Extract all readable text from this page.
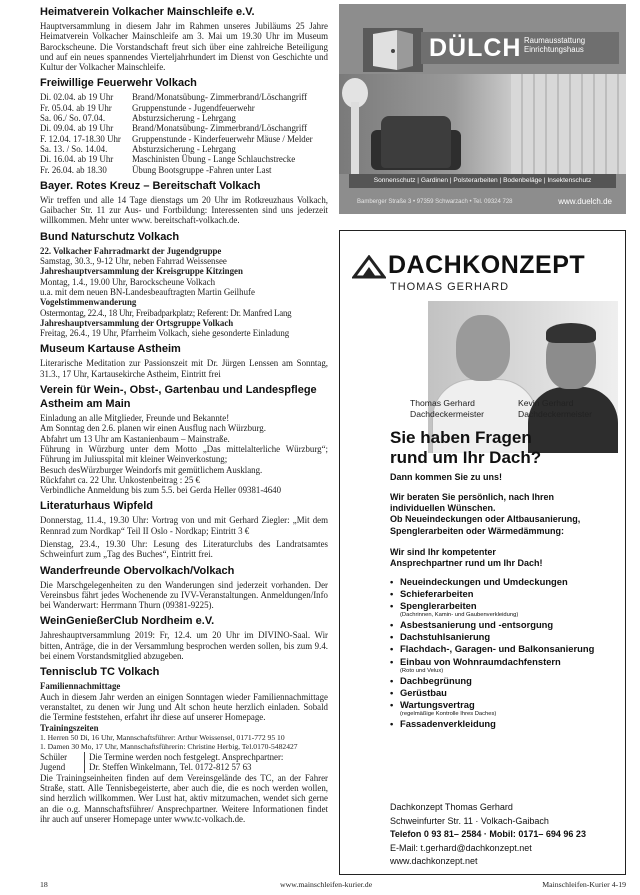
Heimatverein Volkacher Mainschleife e.V.

Hauptversammlung in diesem Jahr im Rahmen unseres Jubiläums 25 Jahre Heimatverein Volkacher Mainschleife am 3. Mai um 19.30 Uhr im Museum Barockscheune. Die Vorstandschaft freut sich über eine zahlreiche Beteiligung und auf ein neues spannendes Vierteljahrhundert im Dienst von Geschichte und Kultur der Volkacher Mainschleife.

Freiwillige Feuerwehr Volkach
Di. 02.04. ab 19 Uhr	Brand/Monatsübung- Zimmerbrand/Löschangriff
Fr. 05.04. ab 19 Uhr	Gruppenstunde - Jugendfeuerwehr
Sa. 06./ So. 07.04.	Absturzsicherung - Lehrgang
Di. 09.04. ab 19 Uhr	Brand/Monatsübung- Zimmerbrand/Löschangriff
F. 12.04. 17-18.30 Uhr	Gruppenstunde - Kinderfeuerwehr Mäuse / Melder
Sa. 13. / So. 14.04.	Absturzsicherung - Lehrgang
Di. 16.04. ab 19 Uhr	Maschinisten Übung - Lange Schlauchstrecke
Fr. 26.04. ab 18.30	Übung Bootsgruppe -Fahren unter Last
Bayer. Rotes Kreuz – Bereitschaft Volkach

Wir treffen und alle 14 Tage dienstags um 20 Uhr im Rotkreuzhaus Volkach, Gaibacher Str. 11 zur Aus- und Fortbildung: Interessenten sind uns jederzeit willkommen. Mehr unter www. bereitschaft-volkach.de.

Bund Naturschutz Volkach
22. Volkacher Fahrradmarkt der Jugendgruppe
Samstag, 30.3., 9-12 Uhr, neben Fahrrad Weissensee
Jahreshauptversammlung der Kreisgruppe Kitzingen
Montag, 1.4., 19.00 Uhr, Barockscheune Volkach
u.a. mit dem neuen BN-Landesbeauftragten Martin Geilhufe
Vogelstimmenwanderung
Ostermontag, 22.4., 18 Uhr, Freibadparkplatz; Referent: Dr. Manfred Lang
Jahreshauptversammlung der Ortsgruppe Volkach
Freitag, 26.4., 19 Uhr, Pfarrheim Volkach, siehe gesonderte Einladung
Museum Kartause Astheim

Literarische Meditation zur Passionszeit mit Dr. Jürgen Lenssen am Sonntag, 31.3., 17 Uhr, Kartausekirche Astheim, Eintritt frei

Verein für Wein-, Obst-, Gartenbau und Landespflege Astheim am Main
Einladung an alle Mitglieder, Freunde und Bekannte!
Am Sonntag den 2.6. planen wir einen Ausflug nach Würzburg.
Abfahrt um 13 Uhr am Kastanienbaum – Mainstraße.

Führung in Würzburg unter dem Motto „Das mittelalterliche Würzburg“; Führung im Juliusspital mit kleiner Weinverkostung;

Besuch desWürzburger Weindorfs mit gemütlichem Ausklang.
Rückfahrt ca. 22 Uhr. Unkostenbeitrag : 25 €
Verbindliche Anmeldung bis zum 5.5. bei Gerda Heller 09381-4640
Literaturhaus Wipfeld

Donnerstag, 11.4., 19.30 Uhr: Vortrag von und mit Gerhard Ziegler: „Mit dem Rennrad zum Nordkap“ Teil II Oslo - Nordkap; Eintritt 3 €

Dienstag, 23.4., 19.30 Uhr: Lesung des Literaturclubs des Landratsamtes Schweinfurt zum „Tag des Buches“, Eintritt frei.

Wanderfreunde Obervolkach/Volkach

Die Marschgelegenheiten zu den Wanderungen sind jederzeit vorhanden. Der Vereinsbus fährt jedes Wochenende zu IVV-Veranstaltungen. Anmeldungen/Info bei Wanderwart: Herrmann Thurn (09381-9225).

WeinGenießerClub Nordheim e.V.

Jahreshauptversammlung 2019: Fr, 12.4. um 20 Uhr im DIVINO-Saal. Wir bitten, Anträge, die in der Versammlung besprochen werden sollen, bis zum 9.4. bei einem Vorstandsmitglied abzugeben.

Tennisclub TC Volkach
Familiennachmittage

Auch in diesem Jahr werden an einigen Sonntagen wieder Familiennachmittage veranstaltet, zu denen wir Jung und Alt schon heute herzlich einladen. Sobald die Termine feststehen, erfahrt ihr diese auf unserer Homepage.

Trainingszeiten
1. Herren 50 Di, 16 Uhr, Mannschaftsführer: Arthur Weissensel, 0171-772 95 10
1. Damen 30 Mo, 17 Uhr, Mannschaftsführerin: Christine Herbig, Tel.0170-5482427
Schüler
Jugend
Die Termine werden noch festgelegt. Ansprechpartner:
Dr. Steffen Winkelmann, Tel. 0172-812 57 63

Die Trainingseinheiten finden auf dem Vereinsgelände des TC, an der Fahrer Straße, statt. Alle Tennisbegeisterte, aber auch die, die es noch werden wollen, sind herzlich willkommen. Wer Lust hat, aktiv mitzumachen, wendet sich gerne an die o.g. Mannschaftsführer/ Ansprechpartner. Weitere Informationen findet ihr auch auf unserer Homepage unter www.tc-volkach.de.

DÜLCH Raumausstattung
Einrichtungshaus
Sonnenschutz | Gardinen | Polsterarbeiten | Bodenbeläge | Insektenschutz
Bamberger Straße 3 • 97359 Schwarzach • Tel. 09324 728	www.duelch.de
DACHKONZEPT
THOMAS GERHARD
Thomas Gerhard
Dachdeckermeister
Kevin Gerhard
Dachdeckermeister
Sie haben Fragen
rund um Ihr Dach?
Dann kommen Sie zu uns!
Wir beraten Sie persönlich, nach Ihren
individuellen Wünschen.
Ob Neueindeckungen oder Altbausanierung,
Spenglerarbeiten oder Wärmedämmung:
Wir sind Ihr kompetenter
Ansprechpartner rund um Ihr Dach!
• Neueindeckungen und Umdeckungen
• Schieferarbeiten
• Spenglerarbeiten
(Dachrinnen, Kamin- und Gaubenverkleidung)
• Asbestsanierung und -entsorgung
• Dachstuhlsanierung
• Flachdach-, Garagen- und Balkonsanierung
• Einbau von Wohnraumdachfenstern
(Roto und Velux)
• Dachbegrünung
• Gerüstbau
• Wartungsvertrag
(regelmäßige Kontrolle Ihres Daches)
• Fassadenverkleidung
Dachkonzept Thomas Gerhard
Schweinfurter Str. 11 · Volkach-Gaibach
Telefon 0 93 81– 2584 · Mobil: 0171– 694 96 23
E-Mail: t.gerhard@dachkonzept.net
www.dachkonzept.net
18	www.mainschleifen-kurier.de	Mainschleifen-Kurier 4-19
